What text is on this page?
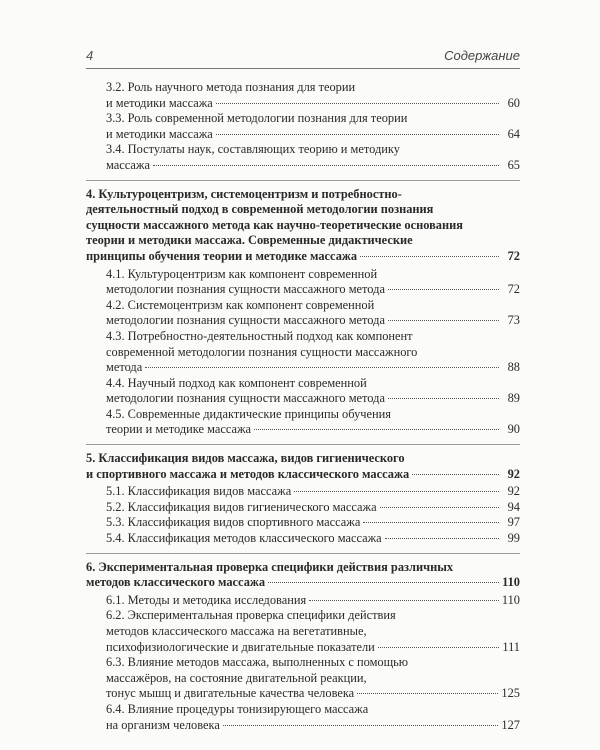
4	Содержание
3.2. Роль научного метода познания для теории
и методики массажа	60
3.3. Роль современной методологии познания для теории
и методики массажа	64
3.4. Постулаты наук, составляющих теорию и методику
массажа	65
4. Культуроцентризм, системоцентризм и потребностно-
деятельностный подход в современной методологии познания
сущности массажного метода как научно-теоретические основания
теории и методики массажа. Современные дидактические
принципы обучения теории и методике массажа	72
4.1. Культуроцентризм как компонент современной
методологии познания сущности массажного метода	72
4.2. Системоцентризм как компонент современной
методологии познания сущности массажного метода	73
4.3. Потребностно-деятельностный подход как компонент
современной методологии познания сущности массажного
метода	88
4.4. Научный подход как компонент современной
методологии познания сущности массажного метода	89
4.5. Современные дидактические принципы обучения
теории и методике массажа	90
5. Классификация видов массажа, видов гигиенического
и спортивного массажа и методов классического массажа	92
5.1. Классификация видов массажа	92
5.2. Классификация видов гигиенического массажа	94
5.3. Классификация видов спортивного массажа	97
5.4. Классификация методов классического массажа	99
6. Экспериментальная проверка специфики действия различных
методов классического массажа	110
6.1. Методы и методика исследования	110
6.2. Экспериментальная проверка специфики действия
методов классического массажа на вегетативные,
психофизиологические и двигательные показатели	111
6.3. Влияние методов массажа, выполненных с помощью
массажёров, на состояние двигательной реакции,
тонус мышц и двигательные качества человека	125
6.4. Влияние процедуры тонизирующего массажа
на организм человека	127
